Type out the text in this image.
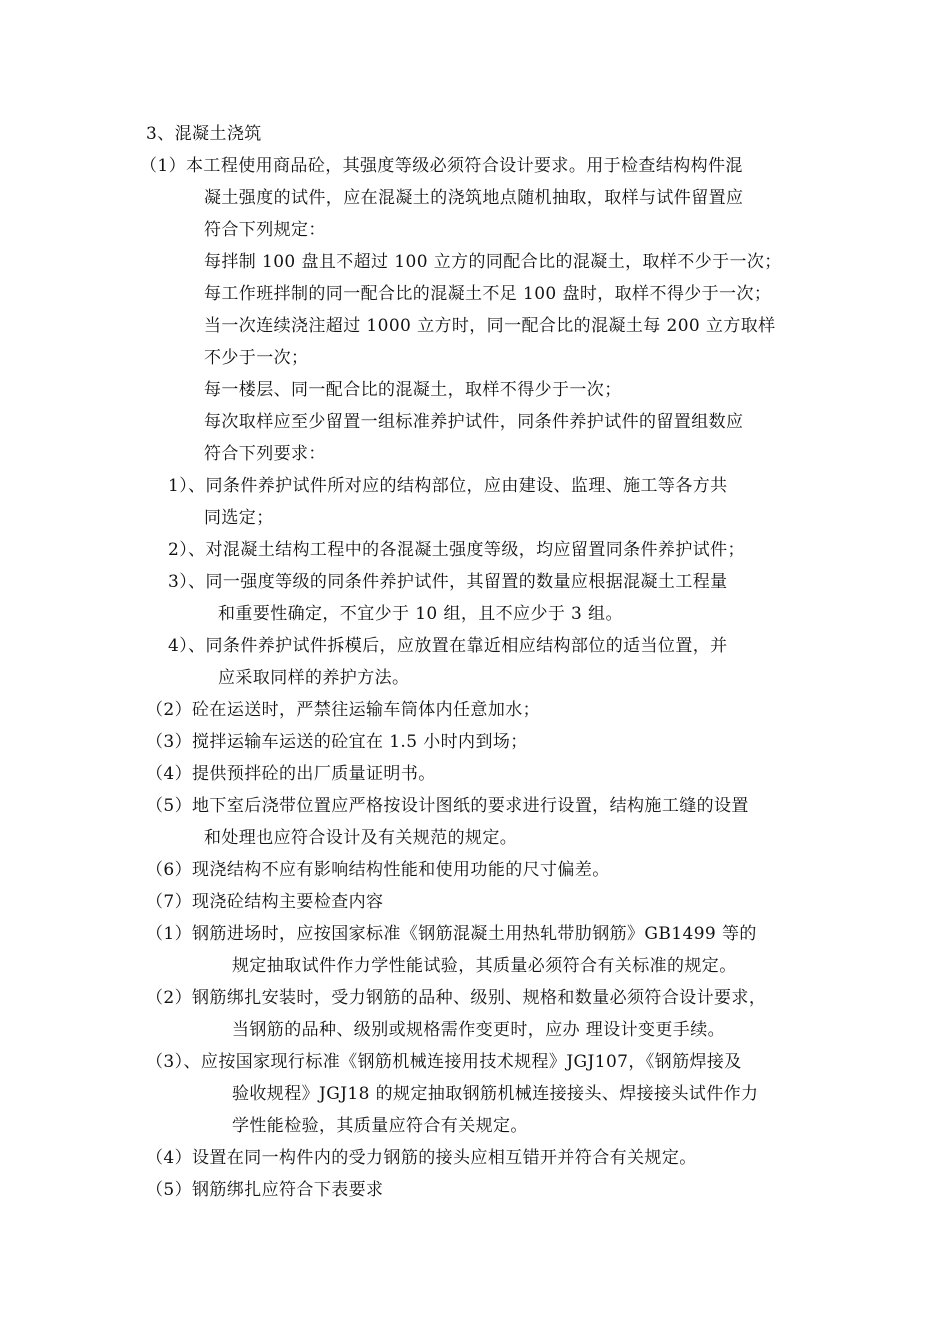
3、混凝土浇筑
（1）本工程使用商品砼，其强度等级必须符合设计要求。用于检查结构构件混
凝土强度的试件，应在混凝土的浇筑地点随机抽取，取样与试件留置应
符合下列规定：
每拌制 100 盘且不超过 100 立方的同配合比的混凝土，取样不少于一次；
每工作班拌制的同一配合比的混凝土不足 100 盘时，取样不得少于一次；
当一次连续浇注超过 1000 立方时，同一配合比的混凝土每 200 立方取样
不少于一次；
每一楼层、同一配合比的混凝土，取样不得少于一次；
每次取样应至少留置一组标准养护试件，同条件养护试件的留置组数应
符合下列要求：
1）、同条件养护试件所对应的结构部位，应由建设、监理、施工等各方共
同选定；
2）、对混凝土结构工程中的各混凝土强度等级，均应留置同条件养护试件；
3）、同一强度等级的同条件养护试件，其留置的数量应根据混凝土工程量
和重要性确定，不宜少于 10 组，且不应少于 3 组。
4）、同条件养护试件拆模后，应放置在靠近相应结构部位的适当位置，并
应采取同样的养护方法。
（2）砼在运送时，严禁往运输车筒体内任意加水；
（3）搅拌运输车运送的砼宜在 1.5 小时内到场；
（4）提供预拌砼的出厂质量证明书。
（5）地下室后浇带位置应严格按设计图纸的要求进行设置，结构施工缝的设置
和处理也应符合设计及有关规范的规定。
（6）现浇结构不应有影响结构性能和使用功能的尺寸偏差。
（7）现浇砼结构主要检查内容
（1）钢筋进场时，应按国家标准《钢筋混凝土用热轧带肋钢筋》GB1499 等的
规定抽取试件作力学性能试验，其质量必须符合有关标准的规定。
（2）钢筋绑扎安装时，受力钢筋的品种、级别、规格和数量必须符合设计要求，
当钢筋的品种、级别或规格需作变更时，应办 理设计变更手续。
（3）、应按国家现行标准《钢筋机械连接用技术规程》JGJ107，《钢筋焊接及
验收规程》JGJ18 的规定抽取钢筋机械连接接头、焊接接头试件作力
学性能检验，其质量应符合有关规定。
（4）设置在同一构件内的受力钢筋的接头应相互错开并符合有关规定。
（5）钢筋绑扎应符合下表要求
